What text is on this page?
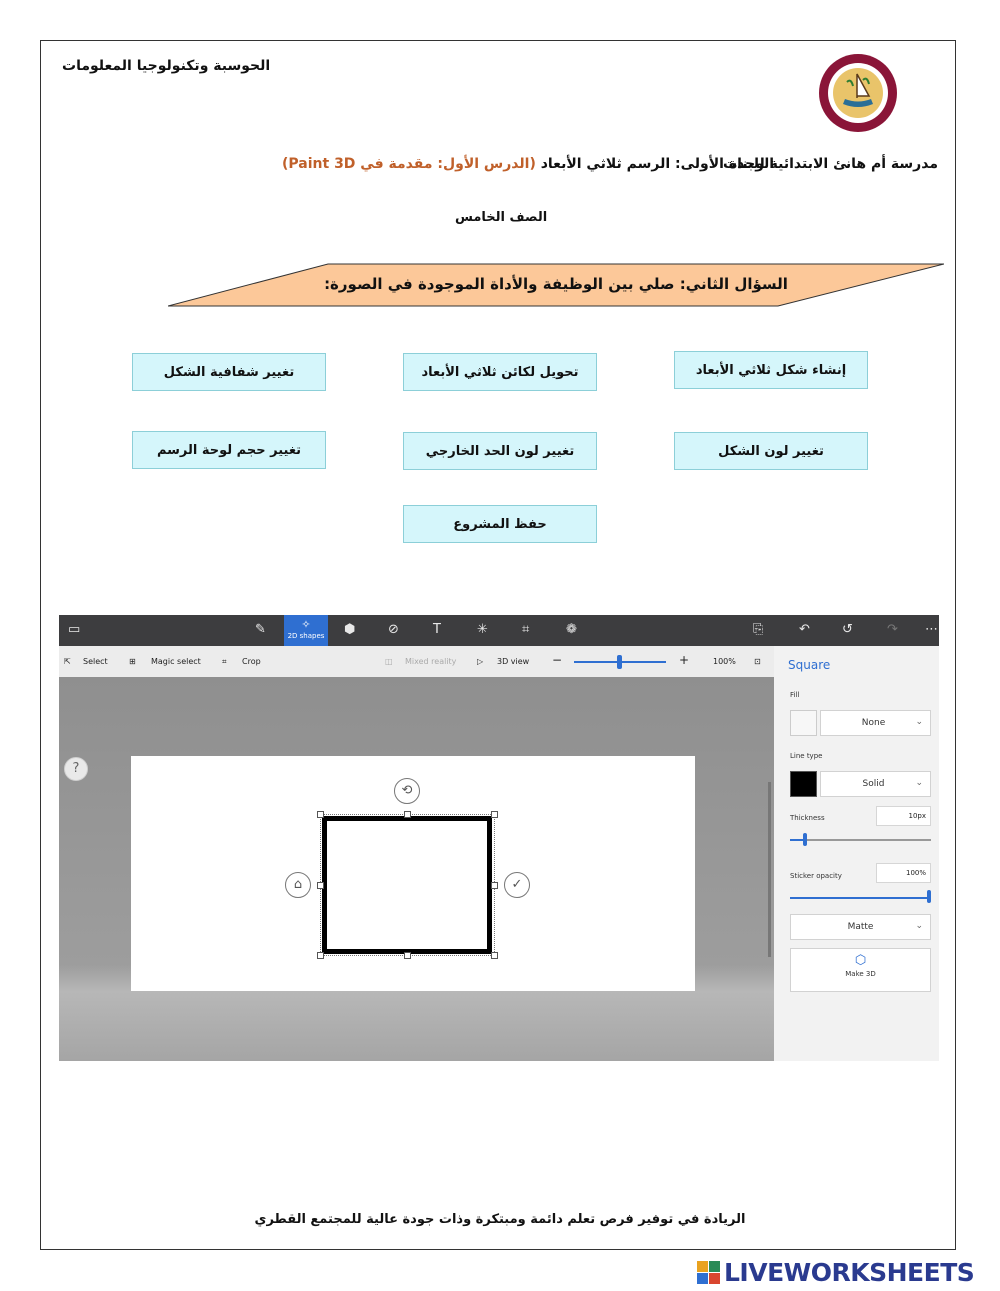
الحوسبة وتكنولوجيا المعلومات
مدرسة أم هانئ الابتدائية للبنات
الوحدة الأولى: الرسم ثلاثي الأبعاد (الدرس الأول: مقدمة في Paint 3D)
الصف الخامس
السؤال الثاني: صلي بين الوظيفة والأداة الموجودة في الصورة:
إنشاء شكل ثلاثي الأبعاد
تحويل لكائن ثلاثي الأبعاد
تغيير شفافية الشكل
تغيير لون الشكل
تغيير لون الحد الخارجي
تغيير حجم لوحة الرسم
حفظ المشروع
▭	✎	✧
2D shapes ⬢	⊘	T	✳	⌗	❁	⎘	↶ ↺	↷ ⋯
⇱ Select	⊞ Magic select	⌗ Crop	◫ Mixed reality	▷ 3D view −	+	100% ⊡
?
⟲
⌂	✓
Square
Fill
None	⌄
Line type
Solid	⌄
Thickness	10px
Sticker opacity	100%
Matte	⌄
⬡
Make 3D
الريادة في توفير فرص تعلم دائمة ومبتكرة وذات جودة عالية للمجتمع القطري
LIVEWORKSHEETS
